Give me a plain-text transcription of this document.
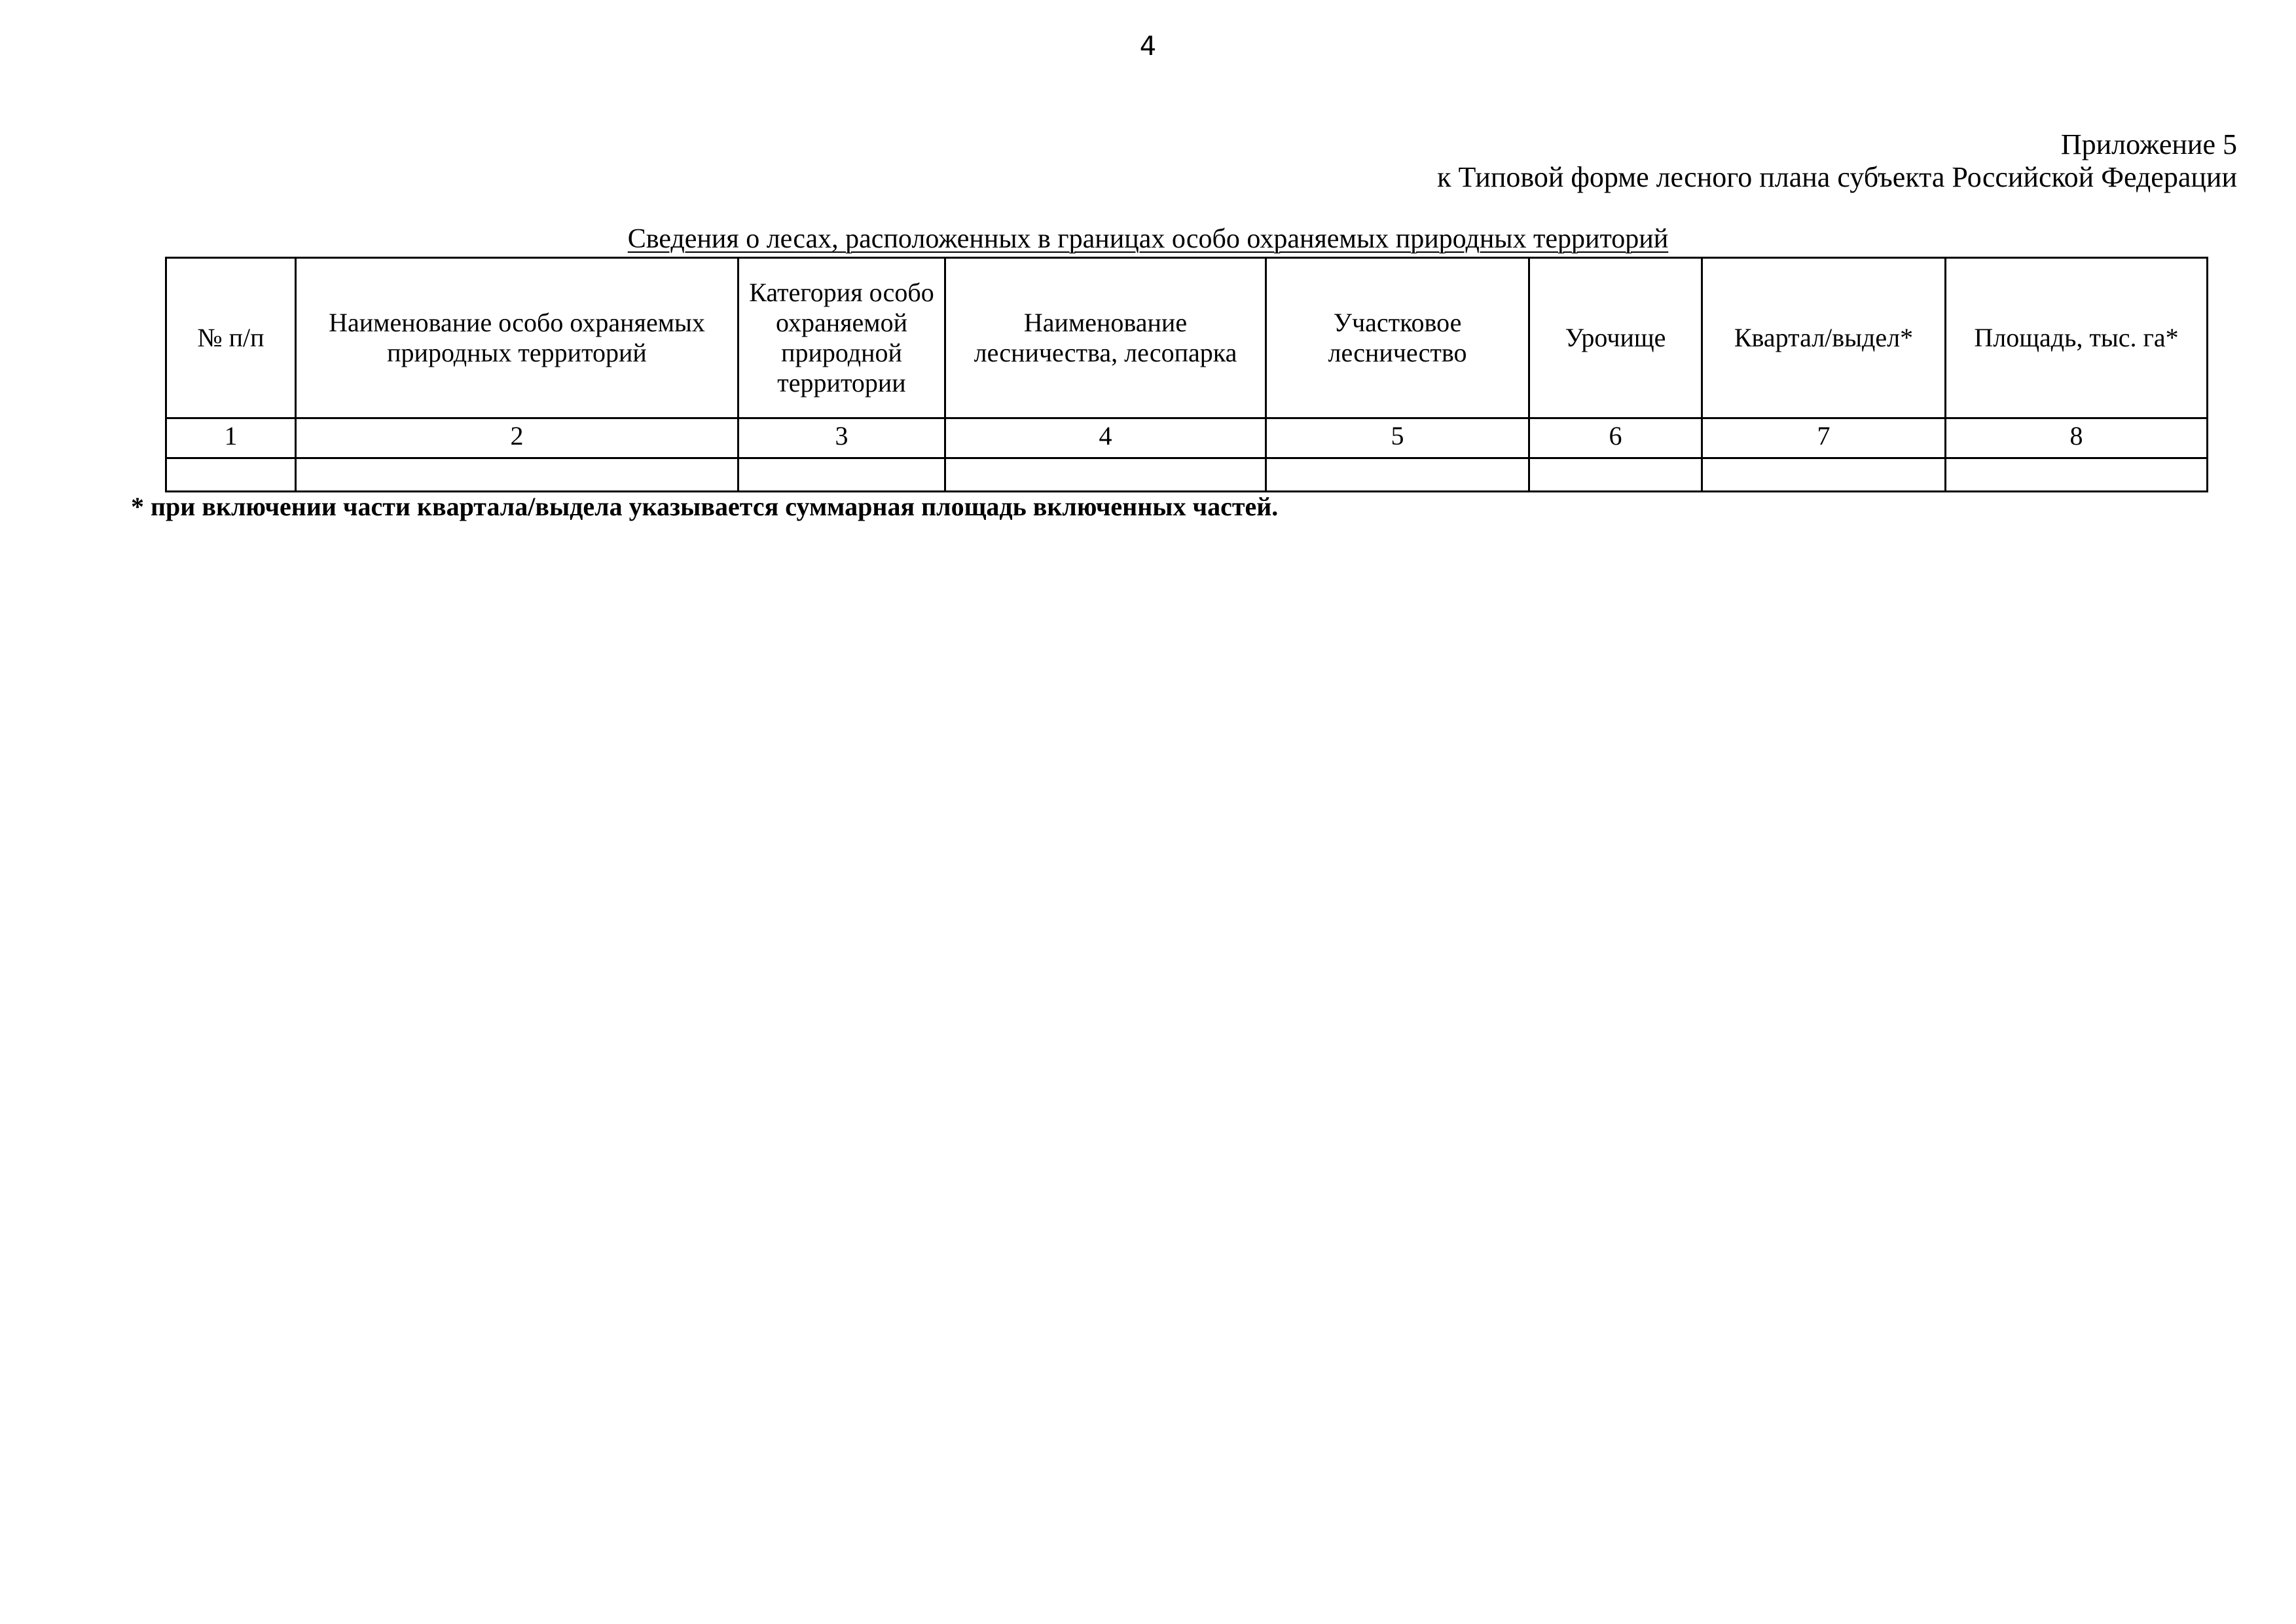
4
Приложение 5
к Типовой форме лесного плана субъекта Российской Федерации
Сведения о лесах, расположенных в границах особо охраняемых природных территорий
№ п/п	Наименование особо охраняемых природных территорий	Категория особо охраняемой природной территории	Наименование лесничества, лесопарка	Участковое лесничество	Урочище	Квартал/выдел*	Площадь, тыс. га*
1	2	3	4	5	6	7	8

* при включении части квартала/выдела указывается суммарная площадь включенных частей.
